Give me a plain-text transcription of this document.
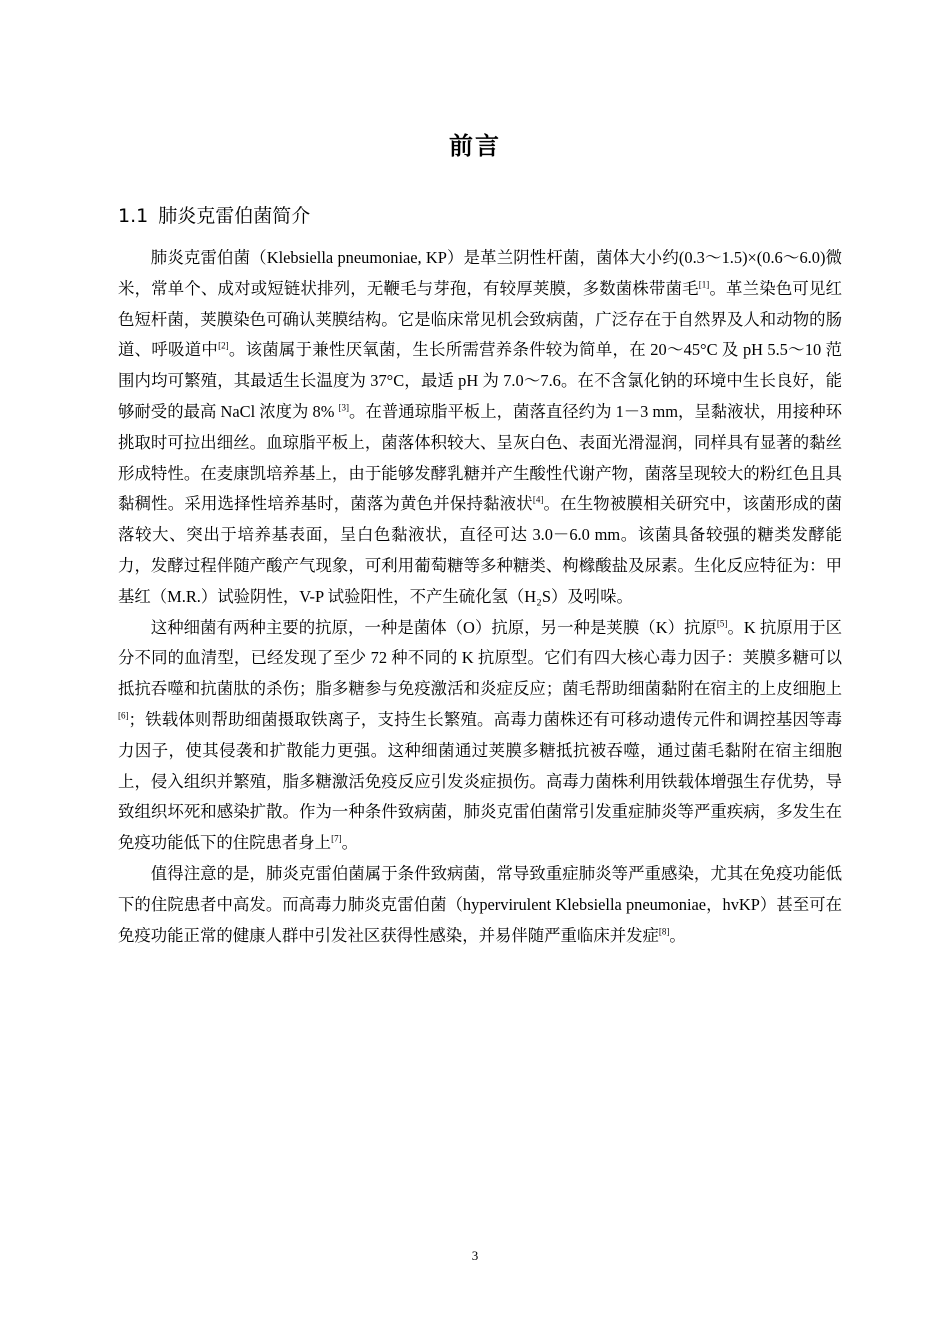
前言
1.1 肺炎克雷伯菌简介

肺炎克雷伯菌（Klebsiella pneumoniae, KP）是革兰阴性杆菌，菌体大小约(0.3～1.5)×(0.6～6.0)微米，常单个、成对或短链状排列，无鞭毛与芽孢，有较厚荚膜，多数菌株带菌毛[1]。革兰染色可见红色短杆菌，荚膜染色可确认荚膜结构。它是临床常见机会致病菌，广泛存在于自然界及人和动物的肠道、呼吸道中[2]。该菌属于兼性厌氧菌，生长所需营养条件较为简单，在 20～45°C 及 pH 5.5～10 范围内均可繁殖，其最适生长温度为 37°C，最适 pH 为 7.0～7.6。在不含氯化钠的环境中生长良好，能够耐受的最高 NaCl 浓度为 8% [3]。在普通琼脂平板上，菌落直径约为 1－3 mm，呈黏液状，用接种环挑取时可拉出细丝。血琼脂平板上，菌落体积较大、呈灰白色、表面光滑湿润，同样具有显著的黏丝形成特性。在麦康凯培养基上，由于能够发酵乳糖并产生酸性代谢产物，菌落呈现较大的粉红色且具黏稠性。采用选择性培养基时，菌落为黄色并保持黏液状[4]。在生物被膜相关研究中，该菌形成的菌落较大、突出于培养基表面，呈白色黏液状，直径可达 3.0－6.0 mm。该菌具备较强的糖类发酵能力，发酵过程伴随产酸产气现象，可利用葡萄糖等多种糖类、枸橼酸盐及尿素。生化反应特征为：甲基红（M.R.）试验阴性，V-P 试验阳性，不产生硫化氢（H₂S）及吲哚。

这种细菌有两种主要的抗原，一种是菌体（O）抗原，另一种是荚膜（K）抗原[5]。K 抗原用于区分不同的血清型，已经发现了至少 72 种不同的 K 抗原型。它们有四大核心毒力因子：荚膜多糖可以抵抗吞噬和抗菌肽的杀伤；脂多糖参与免疫激活和炎症反应；菌毛帮助细菌黏附在宿主的上皮细胞上[6]；铁载体则帮助细菌摄取铁离子，支持生长繁殖。高毒力菌株还有可移动遗传元件和调控基因等毒力因子，使其侵袭和扩散能力更强。这种细菌通过荚膜多糖抵抗被吞噬，通过菌毛黏附在宿主细胞上，侵入组织并繁殖，脂多糖激活免疫反应引发炎症损伤。高毒力菌株利用铁载体增强生存优势，导致组织坏死和感染扩散。作为一种条件致病菌，肺炎克雷伯菌常引发重症肺炎等严重疾病，多发生在免疫功能低下的住院患者身上[7]。

值得注意的是，肺炎克雷伯菌属于条件致病菌，常导致重症肺炎等严重感染，尤其在免疫功能低下的住院患者中高发。而高毒力肺炎克雷伯菌（hypervirulent Klebsiella pneumoniae，hvKP）甚至可在免疫功能正常的健康人群中引发社区获得性感染，并易伴随严重临床并发症[8]。

3
